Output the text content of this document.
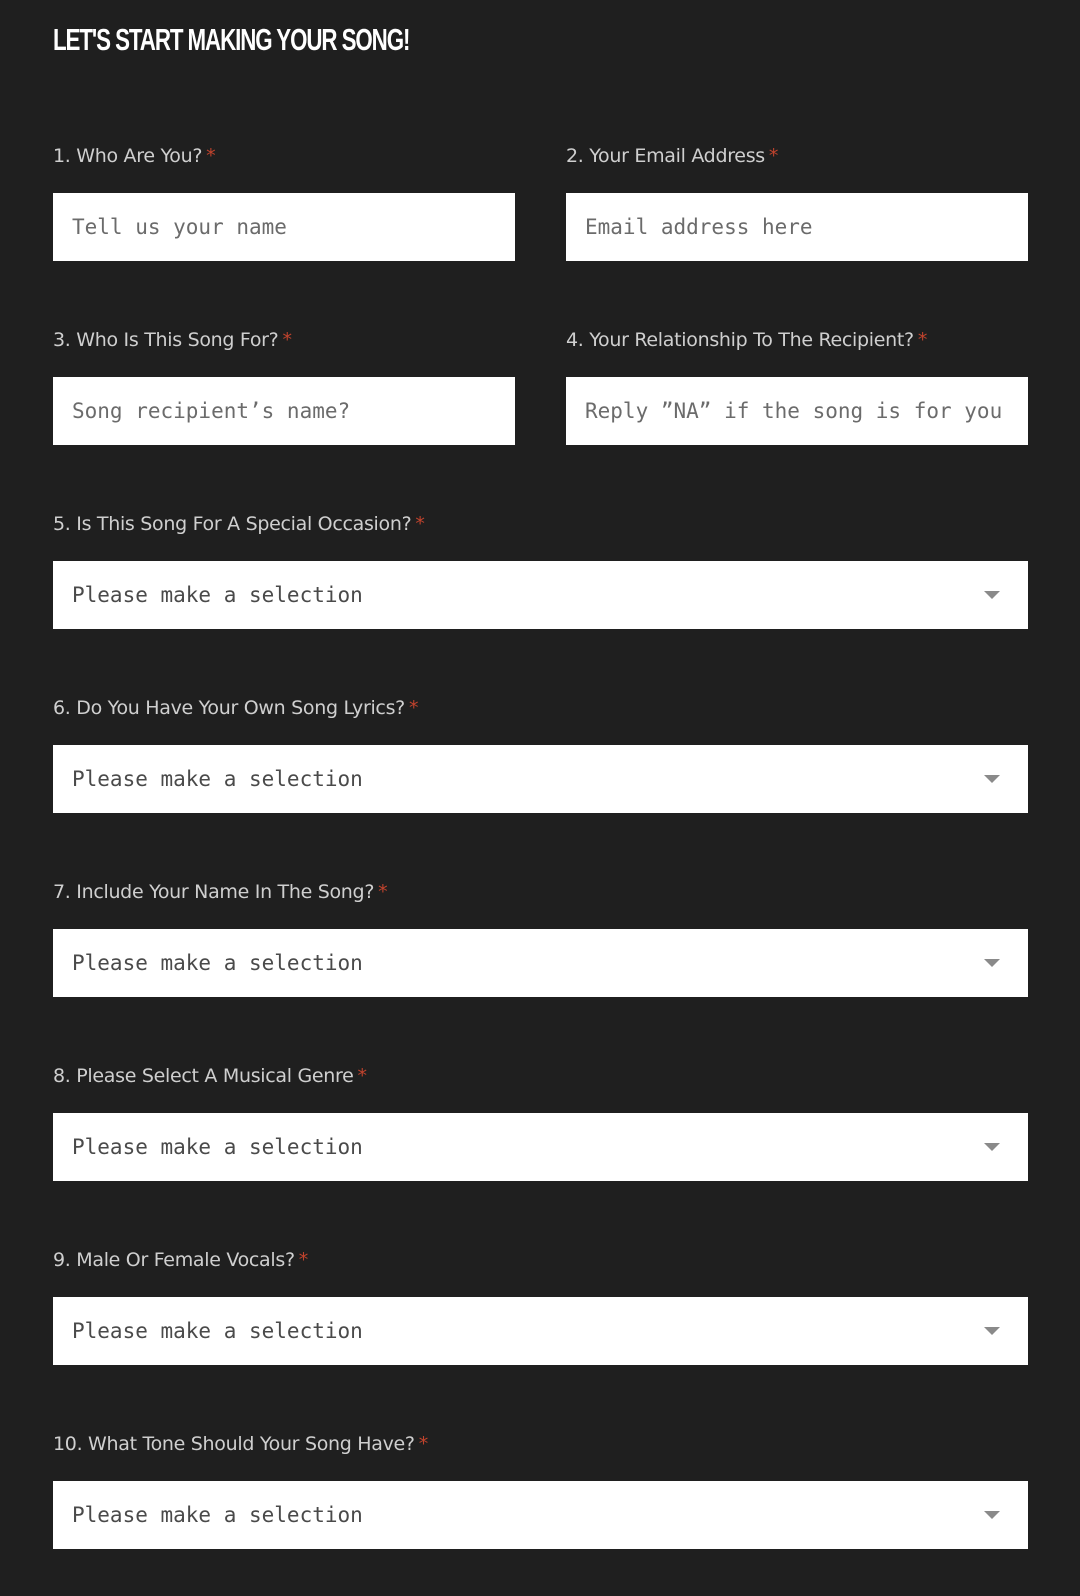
LET'S START MAKING YOUR SONG!
1. Who Are You? *
Tell us your name	2. Your Email Address *
Email address here
3. Who Is This Song For? *
Song recipient’s name?	4. Your Relationship To The Recipient? *
Reply ”NA” if the song is for you
5. Is This Song For A Special Occasion? *
Please make a selection
6. Do You Have Your Own Song Lyrics? *
Please make a selection
7. Include Your Name In The Song? *
Please make a selection
8. Please Select A Musical Genre *
Please make a selection
9. Male Or Female Vocals? *
Please make a selection
10. What Tone Should Your Song Have? *
Please make a selection
